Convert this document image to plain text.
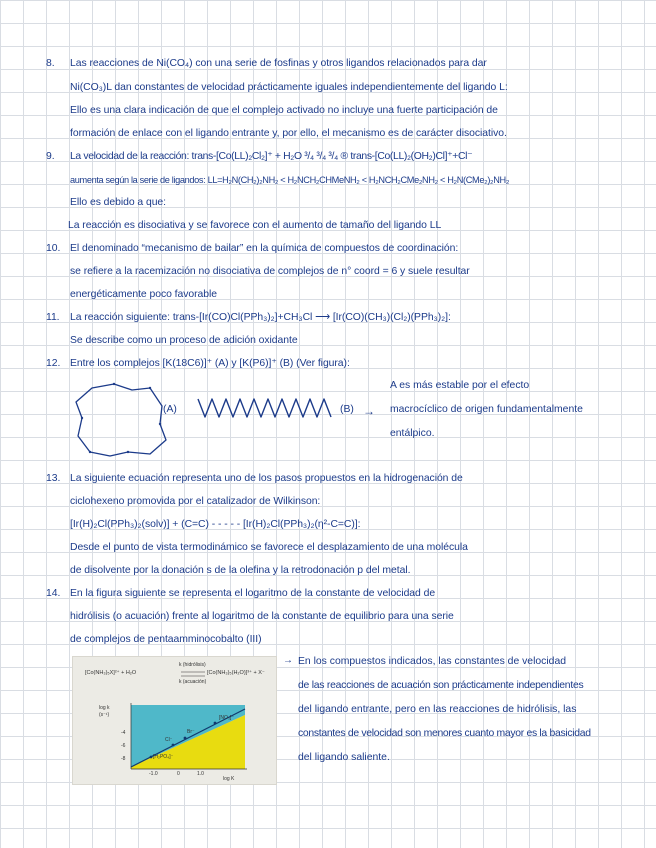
8.	Las reacciones de Ni(CO₄) con una serie de fosfinas y otros ligandos relacionados para dar
Ni(CO₃)L dan constantes de velocidad prácticamente iguales independientemente del ligando L:
Ello es una clara indicación de que el complejo activado no incluye una fuerte participación de
formación de enlace con el ligando entrante y, por ello, el mecanismo es de carácter disociativo.
9.	La velocidad de la reacción: trans-[Co(LL)₂Cl₂]⁺ + H₂O ³/₄ ³/₄ ³/₄ ® trans-[Co(LL)₂(OH₂)Cl]⁺+Cl⁻
aumenta según la serie de ligandos: LL=H₂N(CH₂)₂NH₂ < H₂NCH₂CHMeNH₂ < H₂NCH₂CMe₂NH₂ < H₂N(CMe₂)₂NH₂
Ello es debido a que:
La reacción es disociativa y se favorece con el aumento de tamaño del ligando LL
10. El denominado “mecanismo de bailar” en la química de compuestos de coordinación:
se refiere a la racemización no disociativa de complejos de n° coord = 6 y suele resultar
energéticamente poco favorable
11.	La reacción siguiente: trans-[Ir(CO)Cl(PPh₃)₂]+CH₃Cl ⟶ [Ir(CO)(CH₃)(Cl₂)(PPh₃)₂]:
Se describe como un proceso de adición oxidante
12. Entre los complejos [K(18C6)]⁺ (A) y [K(P6)]⁺ (B) (Ver figura):
(A)	(B) →
A es más estable por el efecto
macrocíclico de origen fundamentalmente
entálpico.
13. La siguiente ecuación representa uno de los pasos propuestos en la hidrogenación de
ciclohexeno promovida por el catalizador de Wilkinson:
[Ir(H)₂Cl(PPh₃)₂(solv)] + (C=C) - - - - - [Ir(H)₂Cl(PPh₃)₂(η²-C=C)]:
Desde el punto de vista termodinámico se favorece el desplazamiento de una molécula
de disolvente por la donación s de la olefina y la retrodonación p del metal.
14. En la figura siguiente se representa el logaritmo de la constante de velocidad de
hidrólisis (o acuación) frente al logaritmo de la constante de equilibrio para una serie
de complejos de pentaamminocobalto (III)
k (hidrólisis)
[Co(NH₃)₅X]²⁺ + H₂O	[Co(NH₃)₅(H₂O)]³⁺ + X⁻
k (acuación)
log k
(s⁻¹)
-4
-6
-8
-1.0	0	1.0
log K
[NO₃]⁻
Br⁻
Cl⁻
[H₂PO₄]⁻
→ En los compuestos indicados, las constantes de velocidad
de las reacciones de acuación son prácticamente independientes
del ligando entrante, pero en las reacciones de hidrólisis, las
constantes de velocidad son menores cuanto mayor es la basicidad
del ligando saliente.
